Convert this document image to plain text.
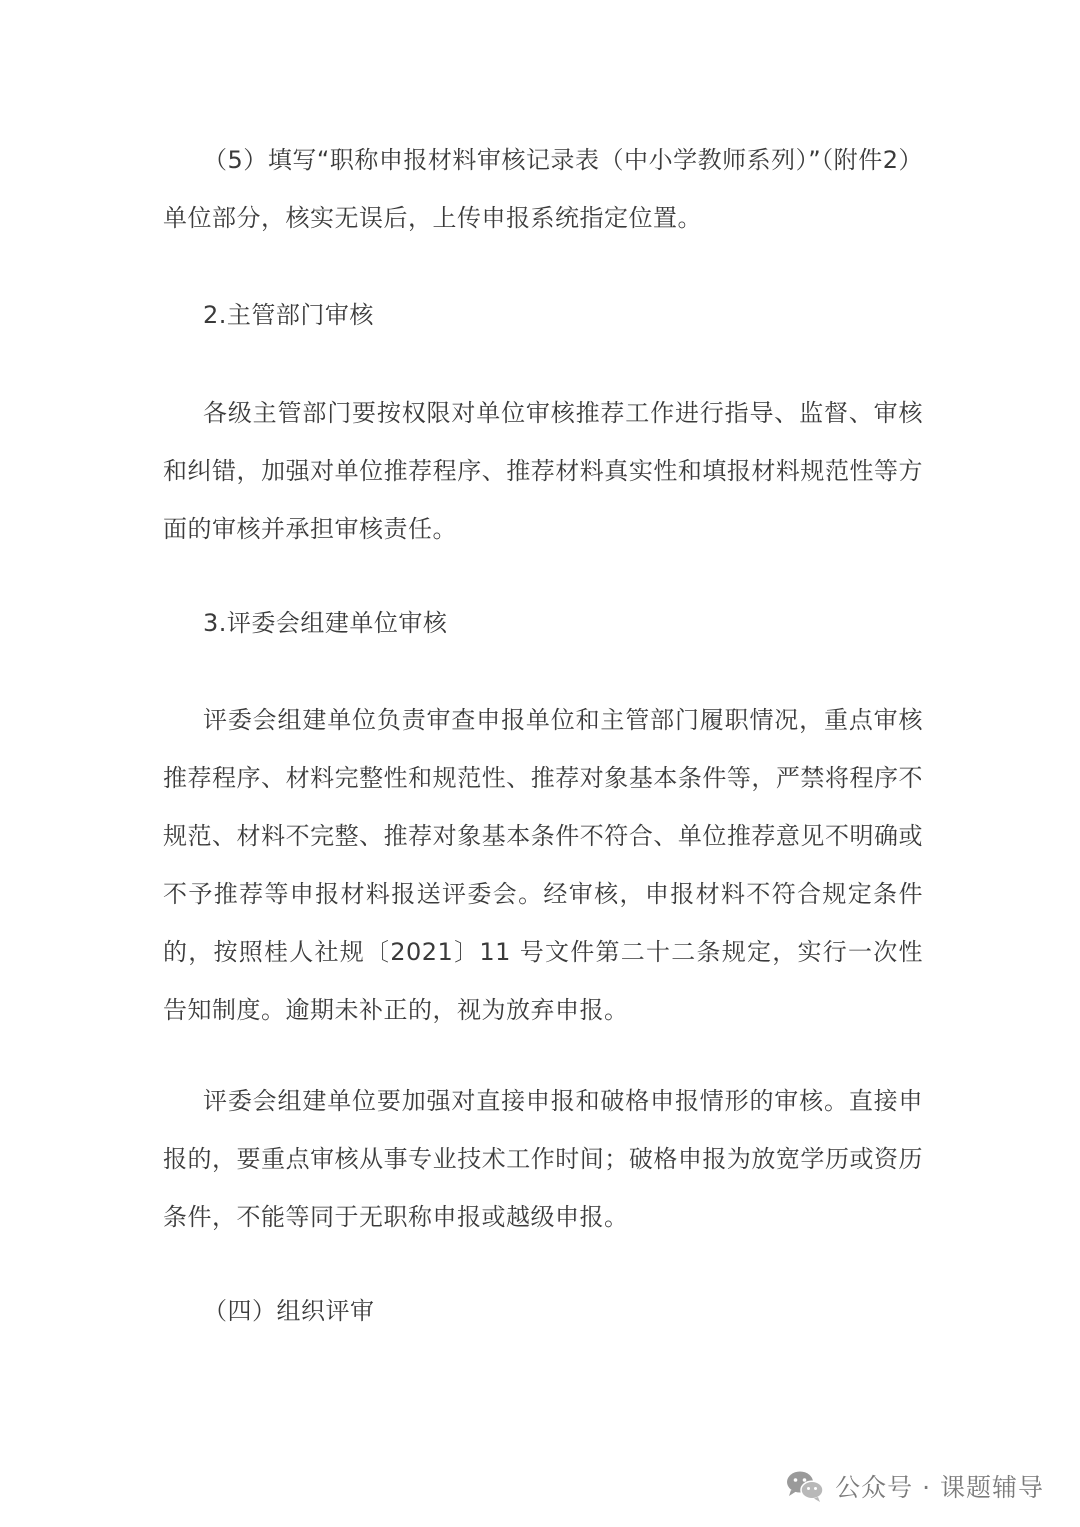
（5）填写“职称申报材料审核记录表（中小学教师系列）”（附件2）单位部分，核实无误后，上传申报系统指定位置。

2.主管部门审核

各级主管部门要按权限对单位审核推荐工作进行指导、监督、审核和纠错，加强对单位推荐程序、推荐材料真实性和填报材料规范性等方面的审核并承担审核责任。

3.评委会组建单位审核

评委会组建单位负责审查申报单位和主管部门履职情况，重点审核推荐程序、材料完整性和规范性、推荐对象基本条件等，严禁将程序不规范、材料不完整、推荐对象基本条件不符合、单位推荐意见不明确或不予推荐等申报材料报送评委会。经审核，申报材料不符合规定条件的，按照桂人社规〔2021〕11 号文件第二十二条规定，实行一次性告知制度。逾期未补正的，视为放弃申报。

评委会组建单位要加强对直接申报和破格申报情形的审核。直接申报的，要重点审核从事专业技术工作时间；破格申报为放宽学历或资历条件，不能等同于无职称申报或越级申报。

（四）组织评审

公众号 · 课题辅导
